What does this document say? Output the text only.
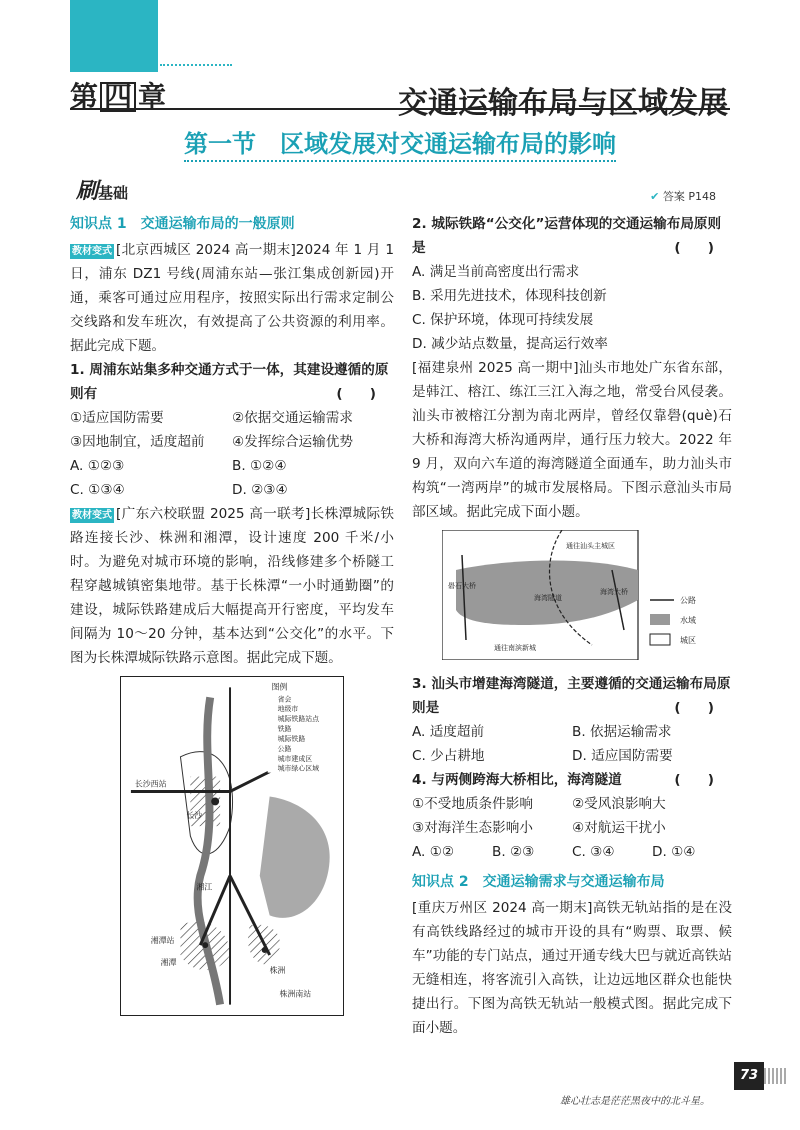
第 四 章	交通运输布局与区域发展
第一节　区域发展对交通运输布局的影响
刷基础	✔ 答案 P148
知识点 1　交通运输布局的一般原则
教材变式 [北京西城区 2024 高一期末]2024 年 1 月 1 日，浦东 DZ1 号线(周浦东站—张江集成创新园)开通，乘客可通过应用程序，按照实际出行需求定制公交线路和发车班次，有效提高了公共资源的利用率。据此完成下题。
1. 周浦东站集多种交通方式于一体，其建设遵循的原则有	(　　)
①适应国防需要	②依据交通运输需求
③因地制宜，适度超前	④发挥综合运输优势
A. ①②③	B. ①②④
C. ①③④	D. ②③④
教材变式 [广东六校联盟 2025 高一联考]长株潭城际铁路连接长沙、株洲和湘潭，设计速度 200 千米/小时。为避免对城市环境的影响，沿线修建多个桥隧工程穿越城镇密集地带。基于长株潭“一小时通勤圈”的建设，城际铁路建成后大幅提高开行密度，平均发车间隔为 10～20 分钟，基本达到“公交化”的水平。下图为长株潭城际铁路示意图。据此完成下题。
图例
省会
地级市
城际铁路站点
铁路
城际铁路
公路
城市建成区
城市绿心区域
长沙西站
长沙
湘江
湘潭站
湘潭
株洲
株洲南站
2. 城际铁路“公交化”运营体现的交通运输布局原则是	(　　)
A. 满足当前高密度出行需求
B. 采用先进技术，体现科技创新
C. 保护环境，体现可持续发展
D. 减少站点数量，提高运行效率
[福建泉州 2025 高一期中]汕头市地处广东省东部，是韩江、榕江、练江三江入海之地，常受台风侵袭。汕头市被榕江分割为南北两岸，曾经仅靠礐(què)石大桥和海湾大桥沟通两岸，通行压力较大。2022 年 9 月，双向六车道的海湾隧道全面通车，助力汕头市构筑“一湾两岸”的城市发展格局。下图示意汕头市局部区域。据此完成下面小题。
通往汕头主城区
礐石大桥
海湾隧道
海湾大桥
通往南滨新城
公路
水域
城区
3. 汕头市增建海湾隧道，主要遵循的交通运输布局原则是	(　　)
A. 适度超前	B. 依据运输需求
C. 少占耕地	D. 适应国防需要
4. 与两侧跨海大桥相比，海湾隧道	(　　)
①不受地质条件影响	②受风浪影响大
③对海洋生态影响小	④对航运干扰小
A. ①②	B. ②③	C. ③④	D. ①④
知识点 2　交通运输需求与交通运输布局
[重庆万州区 2024 高一期末]高铁无轨站指的是在没有高铁线路经过的城市开设的具有“购票、取票、候车”功能的专门站点，通过开通专线大巴与就近高铁站无缝相连，将客流引入高铁，让边远地区群众也能快捷出行。下图为高铁无轨站一般模式图。据此完成下面小题。
雄心壮志是茫茫黑夜中的北斗星。
73
